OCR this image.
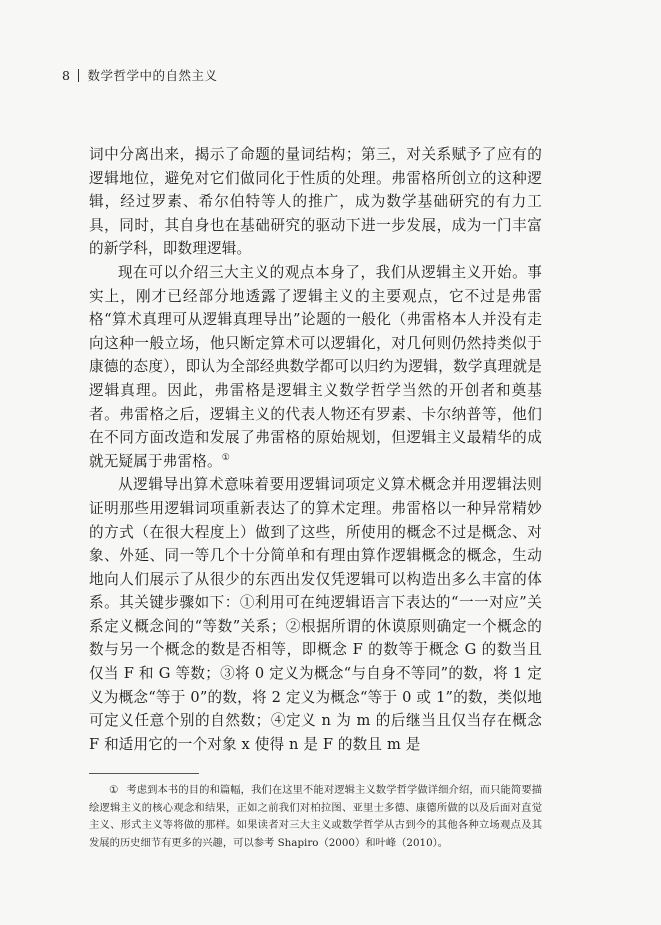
8 数学哲学中的自然主义

词中分离出来，揭示了命题的量词结构；第三，对关系赋予了应有的逻辑地位，避免对它们做同化于性质的处理。弗雷格所创立的这种逻辑，经过罗素、希尔伯特等人的推广，成为数学基础研究的有力工具，同时，其自身也在基础研究的驱动下进一步发展，成为一门丰富的新学科，即数理逻辑。

现在可以介绍三大主义的观点本身了，我们从逻辑主义开始。事实上，刚才已经部分地透露了逻辑主义的主要观点，它不过是弗雷格“算术真理可从逻辑真理导出”论题的一般化（弗雷格本人并没有走向这种一般立场，他只断定算术可以逻辑化，对几何则仍然持类似于康德的态度），即认为全部经典数学都可以归约为逻辑，数学真理就是逻辑真理。因此，弗雷格是逻辑主义数学哲学当然的开创者和奠基者。弗雷格之后，逻辑主义的代表人物还有罗素、卡尔纳普等，他们在不同方面改造和发展了弗雷格的原始规划，但逻辑主义最精华的成就无疑属于弗雷格。①

从逻辑导出算术意味着要用逻辑词项定义算术概念并用逻辑法则证明那些用逻辑词项重新表达了的算术定理。弗雷格以一种异常精妙的方式（在很大程度上）做到了这些，所使用的概念不过是概念、对象、外延、同一等几个十分简单和有理由算作逻辑概念的概念，生动地向人们展示了从很少的东西出发仅凭逻辑可以构造出多么丰富的体系。其关键步骤如下：①利用可在纯逻辑语言下表达的“一一对应”关系定义概念间的“等数”关系；②根据所谓的休谟原则确定一个概念的数与另一个概念的数是否相等，即概念 F 的数等于概念 G 的数当且仅当 F 和 G 等数；③将 0 定义为概念“与自身不等同”的数，将 1 定义为概念“等于 0”的数，将 2 定义为概念“等于 0 或 1”的数，类似地可定义任意个别的自然数；④定义 n 为 m 的后继当且仅当存在概念 F 和适用它的一个对象 x 使得 n 是 F 的数且 m 是

① 考虑到本书的目的和篇幅，我们在这里不能对逻辑主义数学哲学做详细介绍，而只能简要描绘逻辑主义的核心观念和结果，正如之前我们对柏拉图、亚里士多德、康德所做的以及后面对直觉主义、形式主义等将做的那样。如果读者对三大主义或数学哲学从古到今的其他各种立场观点及其发展的历史细节有更多的兴趣，可以参考 Shapiro（2000）和叶峰（2010）。
